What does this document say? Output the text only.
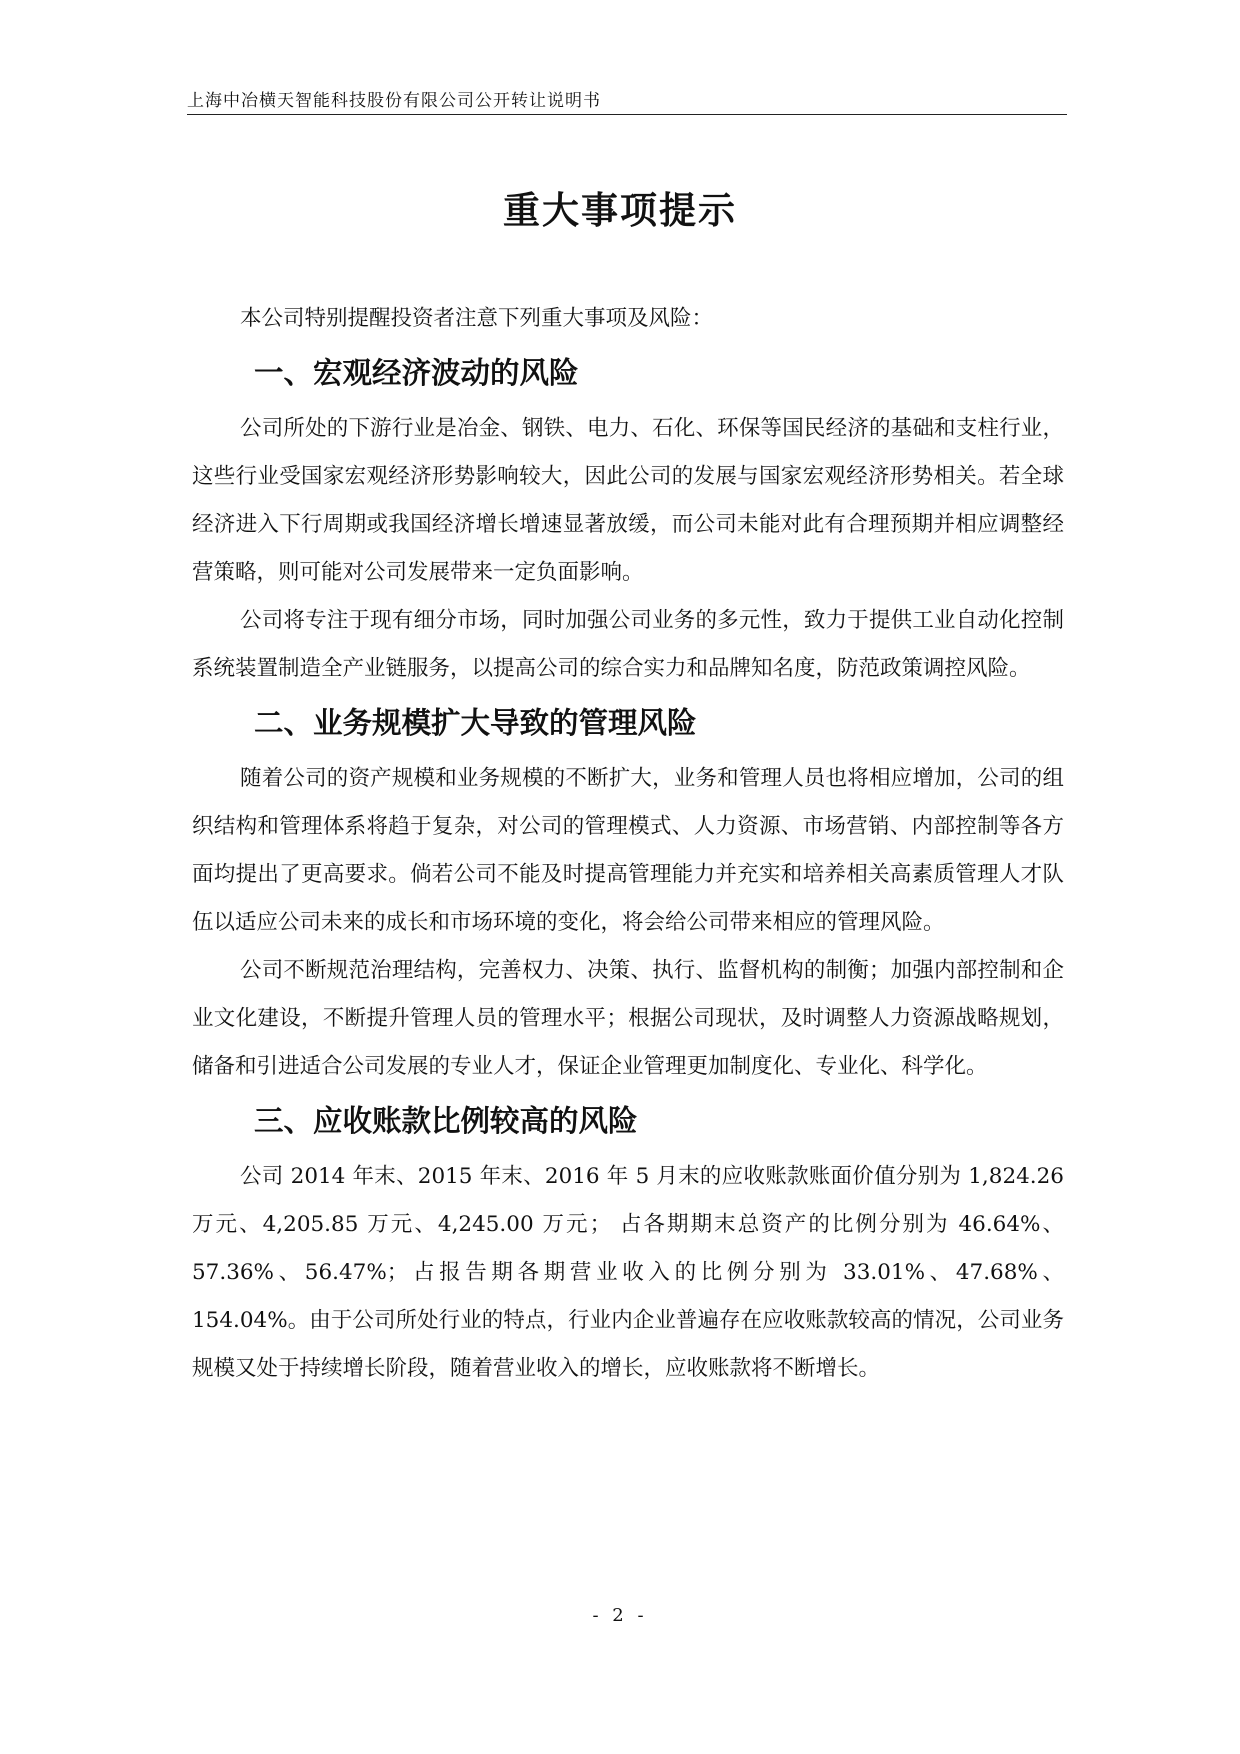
上海中冶横天智能科技股份有限公司公开转让说明书
重大事项提示

本公司特别提醒投资者注意下列重大事项及风险：

一、宏观经济波动的风险

公司所处的下游行业是冶金、钢铁、电力、石化、环保等国民经济的基础和支柱行业，这些行业受国家宏观经济形势影响较大，因此公司的发展与国家宏观经济形势相关。若全球经济进入下行周期或我国经济增长增速显著放缓，而公司未能对此有合理预期并相应调整经营策略，则可能对公司发展带来一定负面影响。

公司将专注于现有细分市场，同时加强公司业务的多元性，致力于提供工业自动化控制系统装置制造全产业链服务，以提高公司的综合实力和品牌知名度，防范政策调控风险。

二、业务规模扩大导致的管理风险

随着公司的资产规模和业务规模的不断扩大，业务和管理人员也将相应增加，公司的组织结构和管理体系将趋于复杂，对公司的管理模式、人力资源、市场营销、内部控制等各方面均提出了更高要求。倘若公司不能及时提高管理能力并充实和培养相关高素质管理人才队伍以适应公司未来的成长和市场环境的变化，将会给公司带来相应的管理风险。

公司不断规范治理结构，完善权力、决策、执行、监督机构的制衡；加强内部控制和企业文化建设，不断提升管理人员的管理水平；根据公司现状，及时调整人力资源战略规划，储备和引进适合公司发展的专业人才，保证企业管理更加制度化、专业化、科学化。

三、应收账款比例较高的风险

公司 2014 年末、2015 年末、2016 年 5 月末的应收账款账面价值分别为 1,824.26 万元、4,205.85 万元、4,245.00 万元； 占各期期末总资产的比例分别为 46.64%、57.36%、56.47%；占报告期各期营业收入的比例分别为 33.01%、47.68%、154.04%。由于公司所处行业的特点，行业内企业普遍存在应收账款较高的情况，公司业务规模又处于持续增长阶段，随着营业收入的增长，应收账款将不断增长。

- 2 -
